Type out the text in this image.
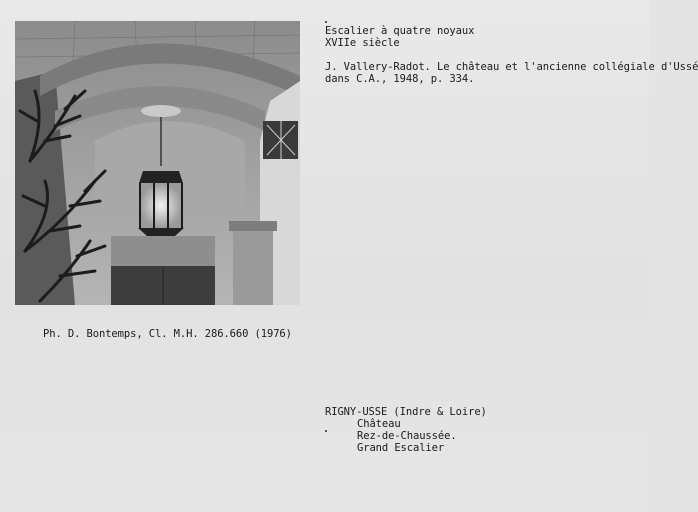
Escalier à quatre noyaux
XVIIe siècle
J. Vallery-Radot. Le château et l'ancienne collégiale d'Ussé
dans C.A., 1948, p. 334.
Ph. D. Bontemps, Cl. M.H. 286.660 (1976)
RIGNY-USSE (Indre & Loire)
Château
Rez-de-Chaussée.
Grand Escalier
